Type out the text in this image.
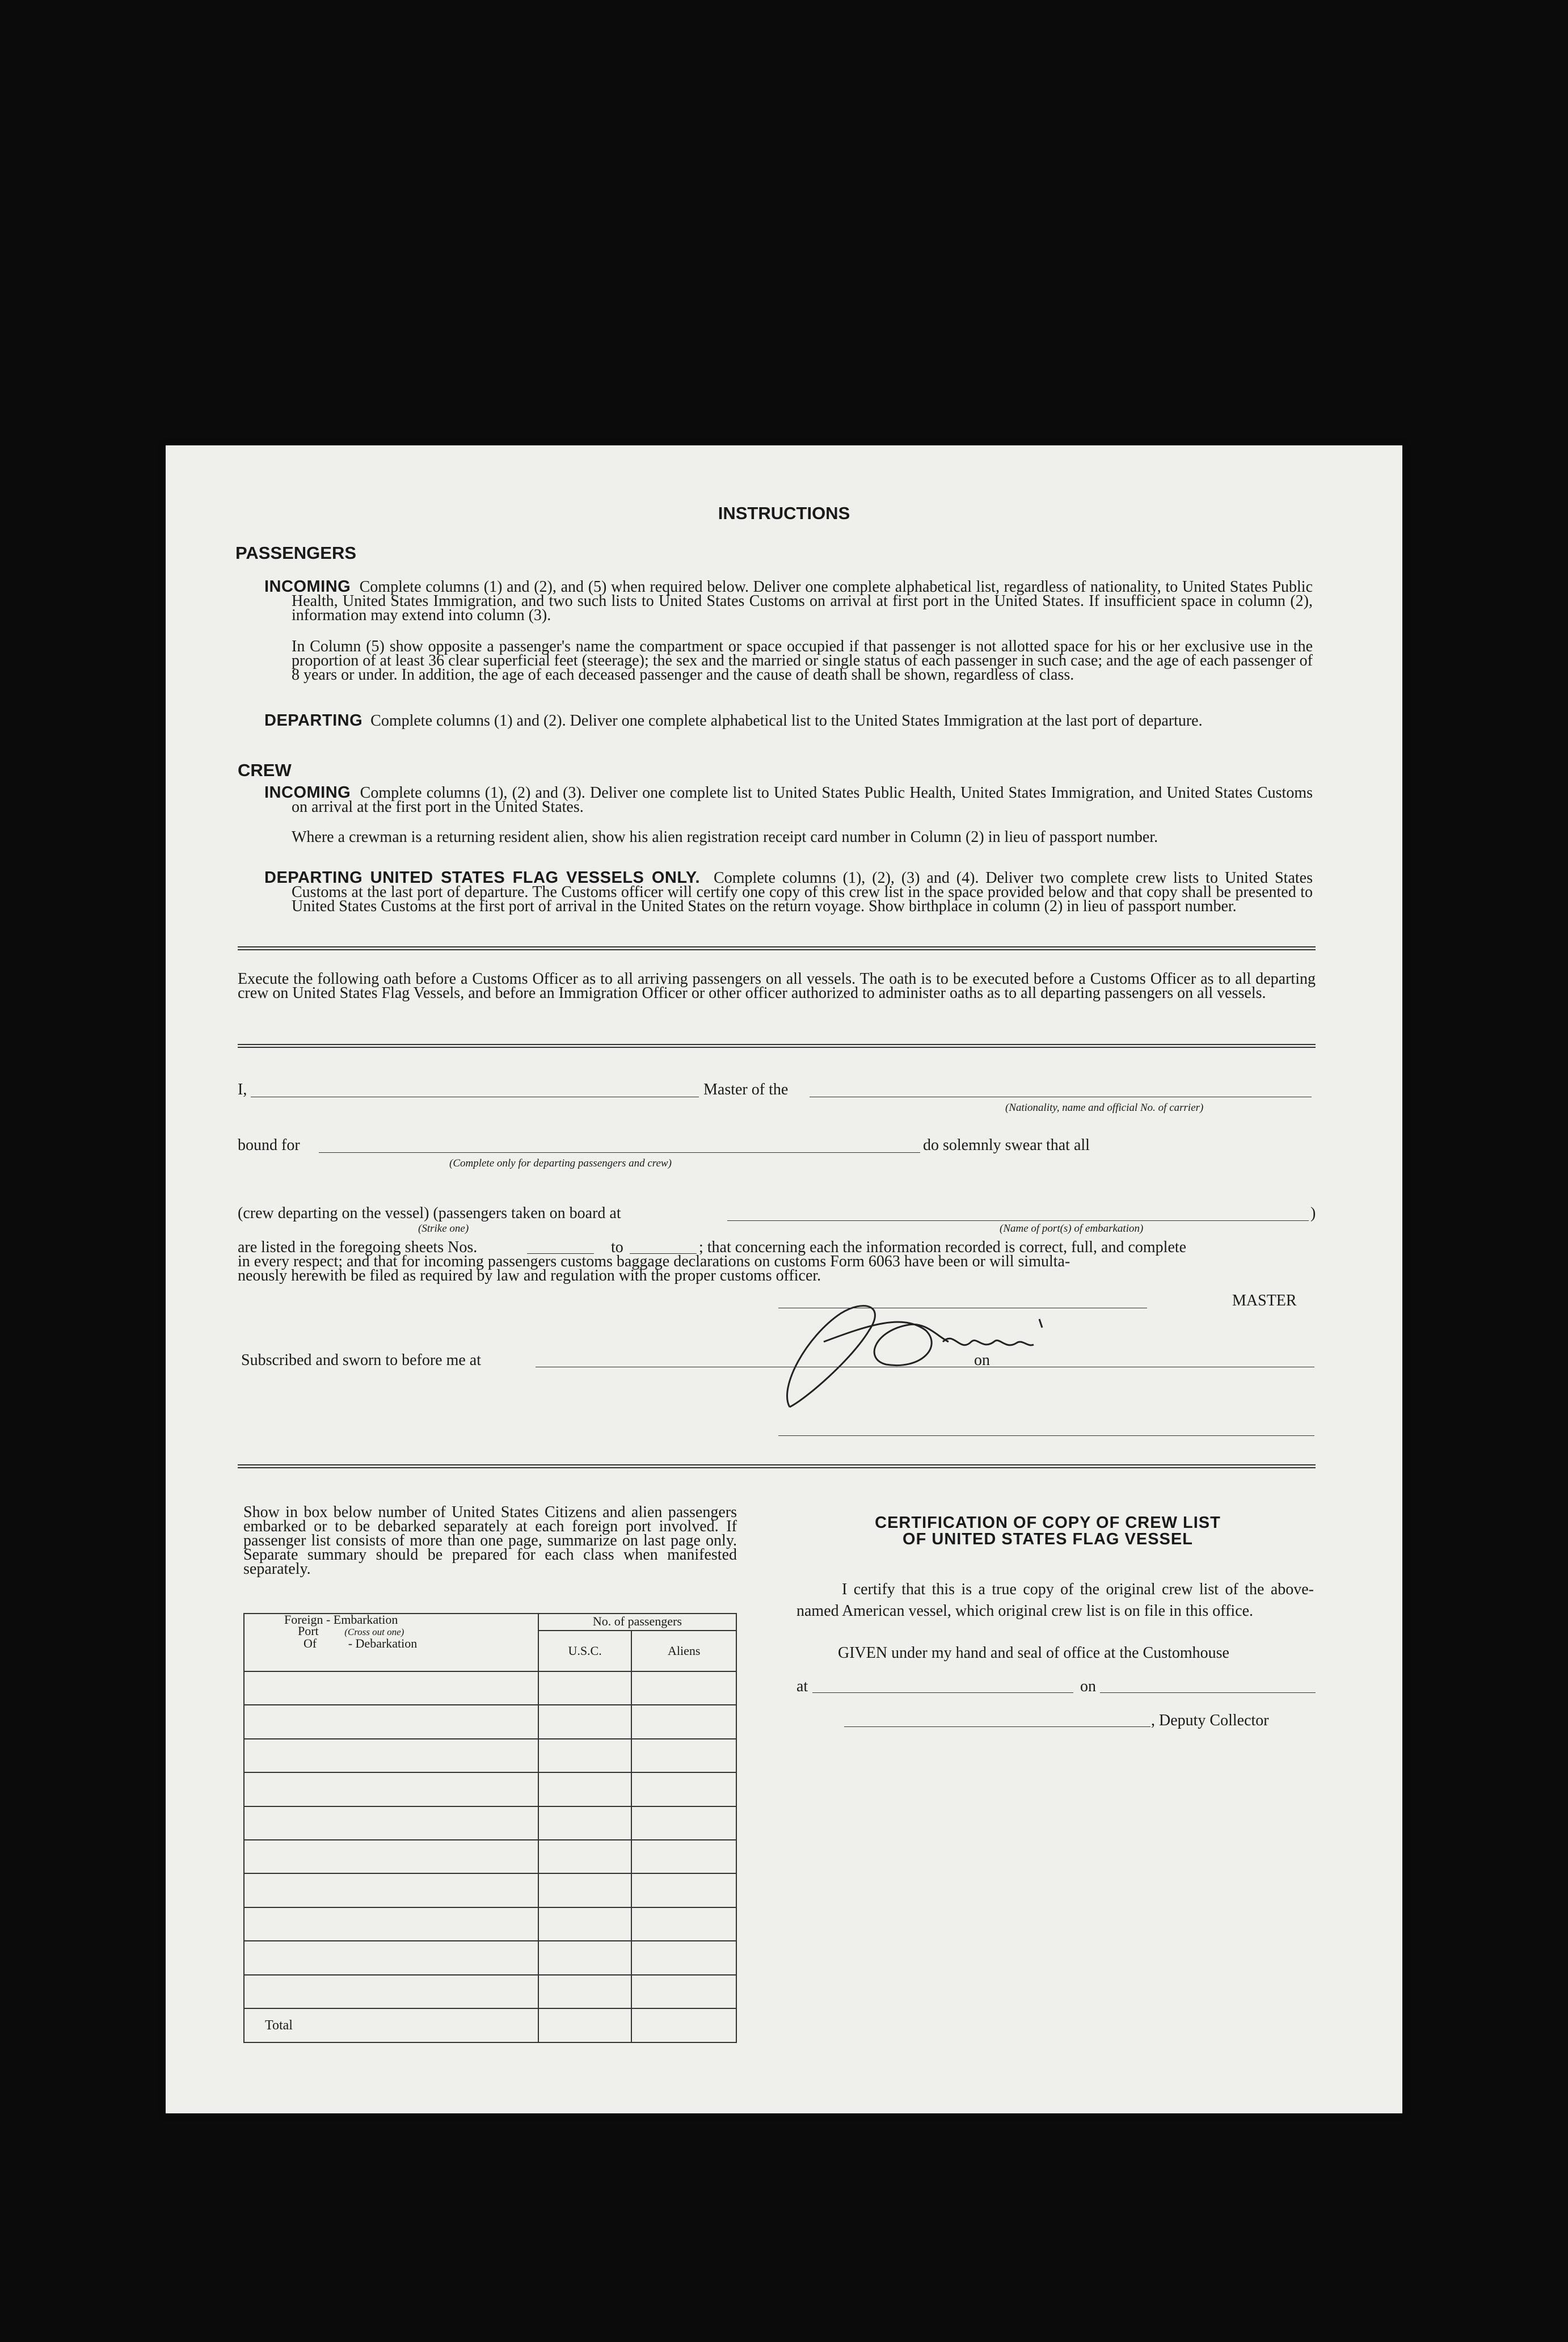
INSTRUCTIONS
PASSENGERS
INCOMING Complete columns (1) and (2), and (5) when required below. Deliver one complete alphabetical list, regardless of nationality, to United States Public Health, United States Immigration, and two such lists to United States Customs on arrival at first port in the United States. If insufficient space in column (2), information may extend into column (3).
In Column (5) show opposite a passenger's name the compartment or space occupied if that passenger is not allotted space for his or her exclusive use in the proportion of at least 36 clear superficial feet (steerage); the sex and the married or single status of each passenger in such case; and the age of each passenger of 8 years or under. In addition, the age of each deceased passenger and the cause of death shall be shown, regardless of class.
DEPARTING Complete columns (1) and (2). Deliver one complete alphabetical list to the United States Immigration at the last port of departure.
CREW
INCOMING Complete columns (1), (2) and (3). Deliver one complete list to United States Public Health, United States Immigration, and United States Customs on arrival at the first port in the United States.
Where a crewman is a returning resident alien, show his alien registration receipt card number in Column (2) in lieu of passport number.
DEPARTING UNITED STATES FLAG VESSELS ONLY. Complete columns (1), (2), (3) and (4). Deliver two complete crew lists to United States Customs at the last port of departure. The Customs officer will certify one copy of this crew list in the space provided below and that copy shall be presented to United States Customs at the first port of arrival in the United States on the return voyage. Show birthplace in column (2) in lieu of passport number.
Execute the following oath before a Customs Officer as to all arriving passengers on all vessels. The oath is to be executed before a Customs Officer as to all departing crew on United States Flag Vessels, and before an Immigration Officer or other officer authorized to administer oaths as to all departing passengers on all vessels.
I,	Master of the
(Nationality, name and official No. of carrier)
bound for
(Complete only for departing passengers and crew)
do solemnly swear that all
(crew departing on the vessel) (passengers taken on board at	)
(Strike one)	(Name of port(s) of embarkation)
are listed in the foregoing sheets Nos.	to	; that concerning each the information recorded is correct, full, and complete
in every respect; and that for incoming passengers customs baggage declarations on customs Form 6063 have been or will simulta-
neously herewith be filed as required by law and regulation with the proper customs officer.
MASTER
Subscribed and sworn to before me at	on
Show in box below number of United States Citizens and alien passengers embarked or to be debarked separately at each foreign port involved. If passenger list consists of more than one page, summarize on last page only. Separate summary should be prepared for each class when manifested separately.
Foreign - Embarkation
Port (Cross out one)
Of - Debarkation	No. of passengers	
	U.S.C.	Aliens

Total		
CERTIFICATION OF COPY OF CREW LIST
OF UNITED STATES FLAG VESSEL
I certify that this is a true copy of the original crew list of the above-named American vessel, which original crew list is on file in this office.
GIVEN under my hand and seal of office at the Customhouse
at	on
, Deputy Collector
